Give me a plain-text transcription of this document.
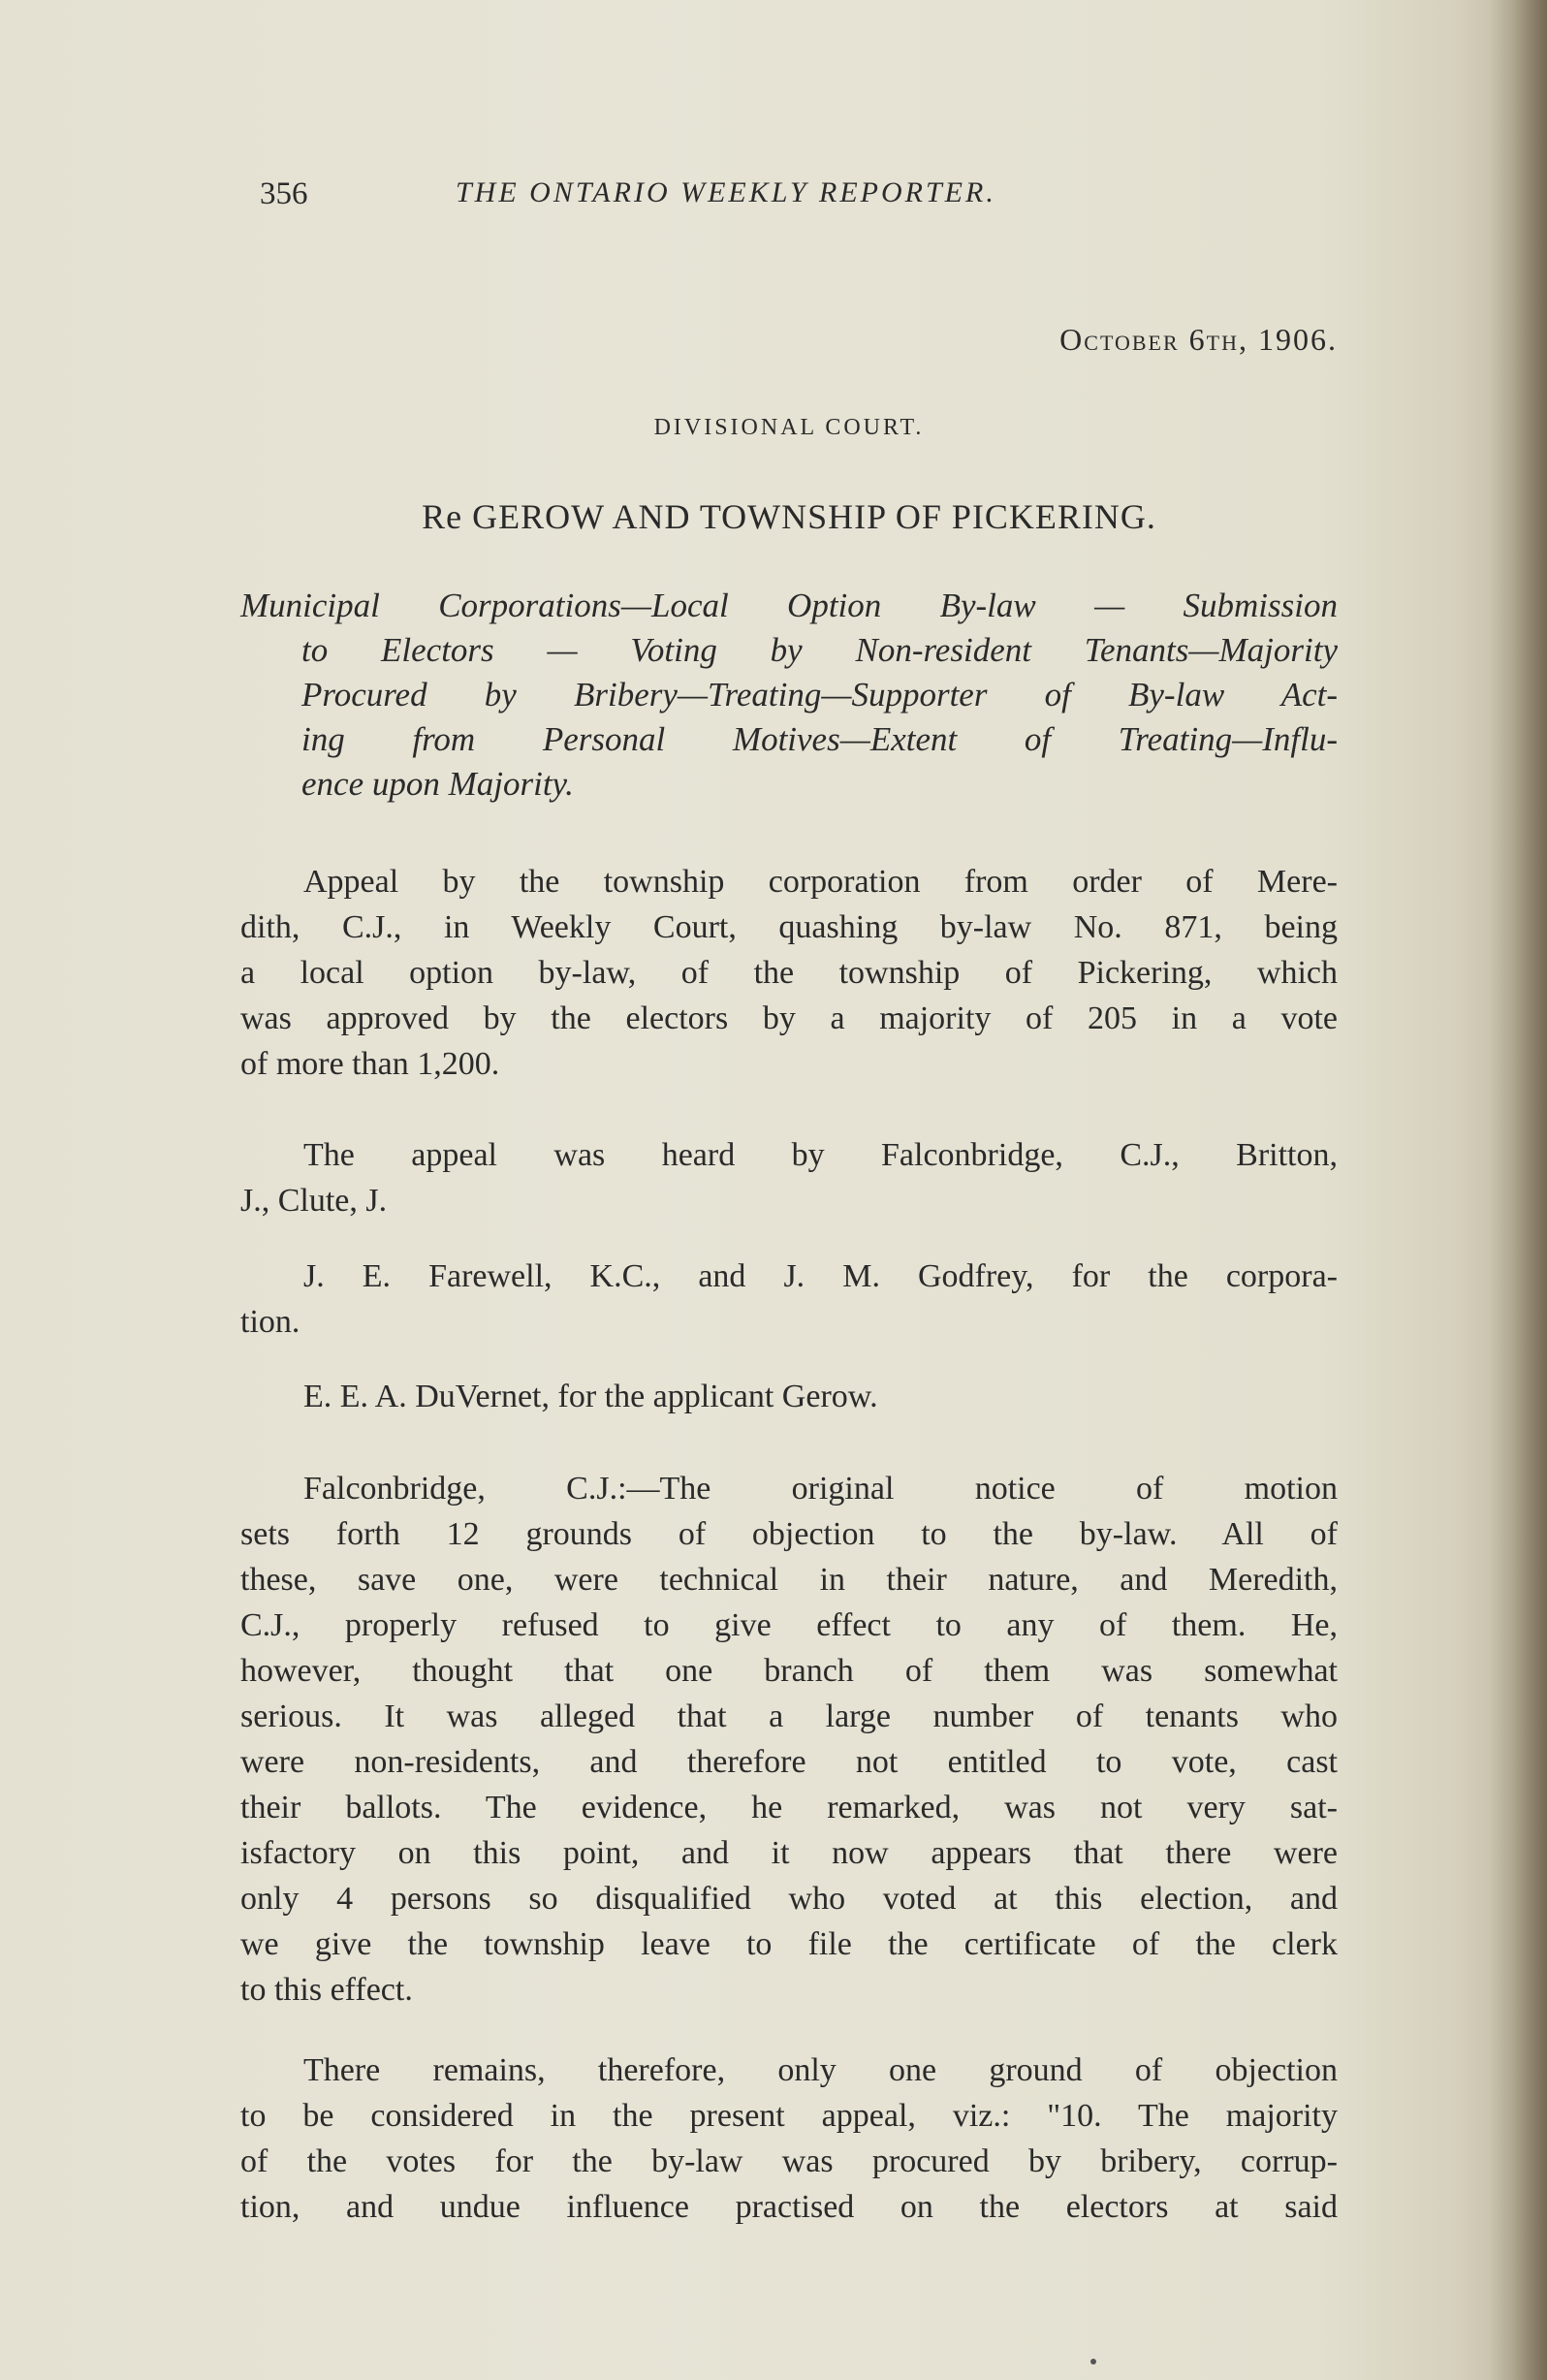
356	THE ONTARIO WEEKLY REPORTER.
October 6th, 1906.
DIVISIONAL COURT.
Re GEROW AND TOWNSHIP OF PICKERING.
Municipal Corporations—Local Option By-law — Submission
to Electors — Voting by Non-resident Tenants—Majority
Procured by Bribery—Treating—Supporter of By-law Act-
ing from Personal Motives—Extent of Treating—Influ-
ence upon Majority.
Appeal by the township corporation from order of Mere-
dith, C.J., in Weekly Court, quashing by-law No. 871, being
a local option by-law, of the township of Pickering, which
was approved by the electors by a majority of 205 in a vote
of more than 1,200.
The appeal was heard by Falconbridge, C.J., Britton,
J., Clute, J.
J. E. Farewell, K.C., and J. M. Godfrey, for the corpora-
tion.
E. E. A. DuVernet, for the applicant Gerow.
Falconbridge, C.J.:—The original notice of motion
sets forth 12 grounds of objection to the by-law. All of
these, save one, were technical in their nature, and Meredith,
C.J., properly refused to give effect to any of them. He,
however, thought that one branch of them was somewhat
serious. It was alleged that a large number of tenants who
were non-residents, and therefore not entitled to vote, cast
their ballots. The evidence, he remarked, was not very sat-
isfactory on this point, and it now appears that there were
only 4 persons so disqualified who voted at this election, and
we give the township leave to file the certificate of the clerk
to this effect.
There remains, therefore, only one ground of objection
to be considered in the present appeal, viz.: "10. The majority
of the votes for the by-law was procured by bribery, corrup-
tion, and undue influence practised on the electors at said
